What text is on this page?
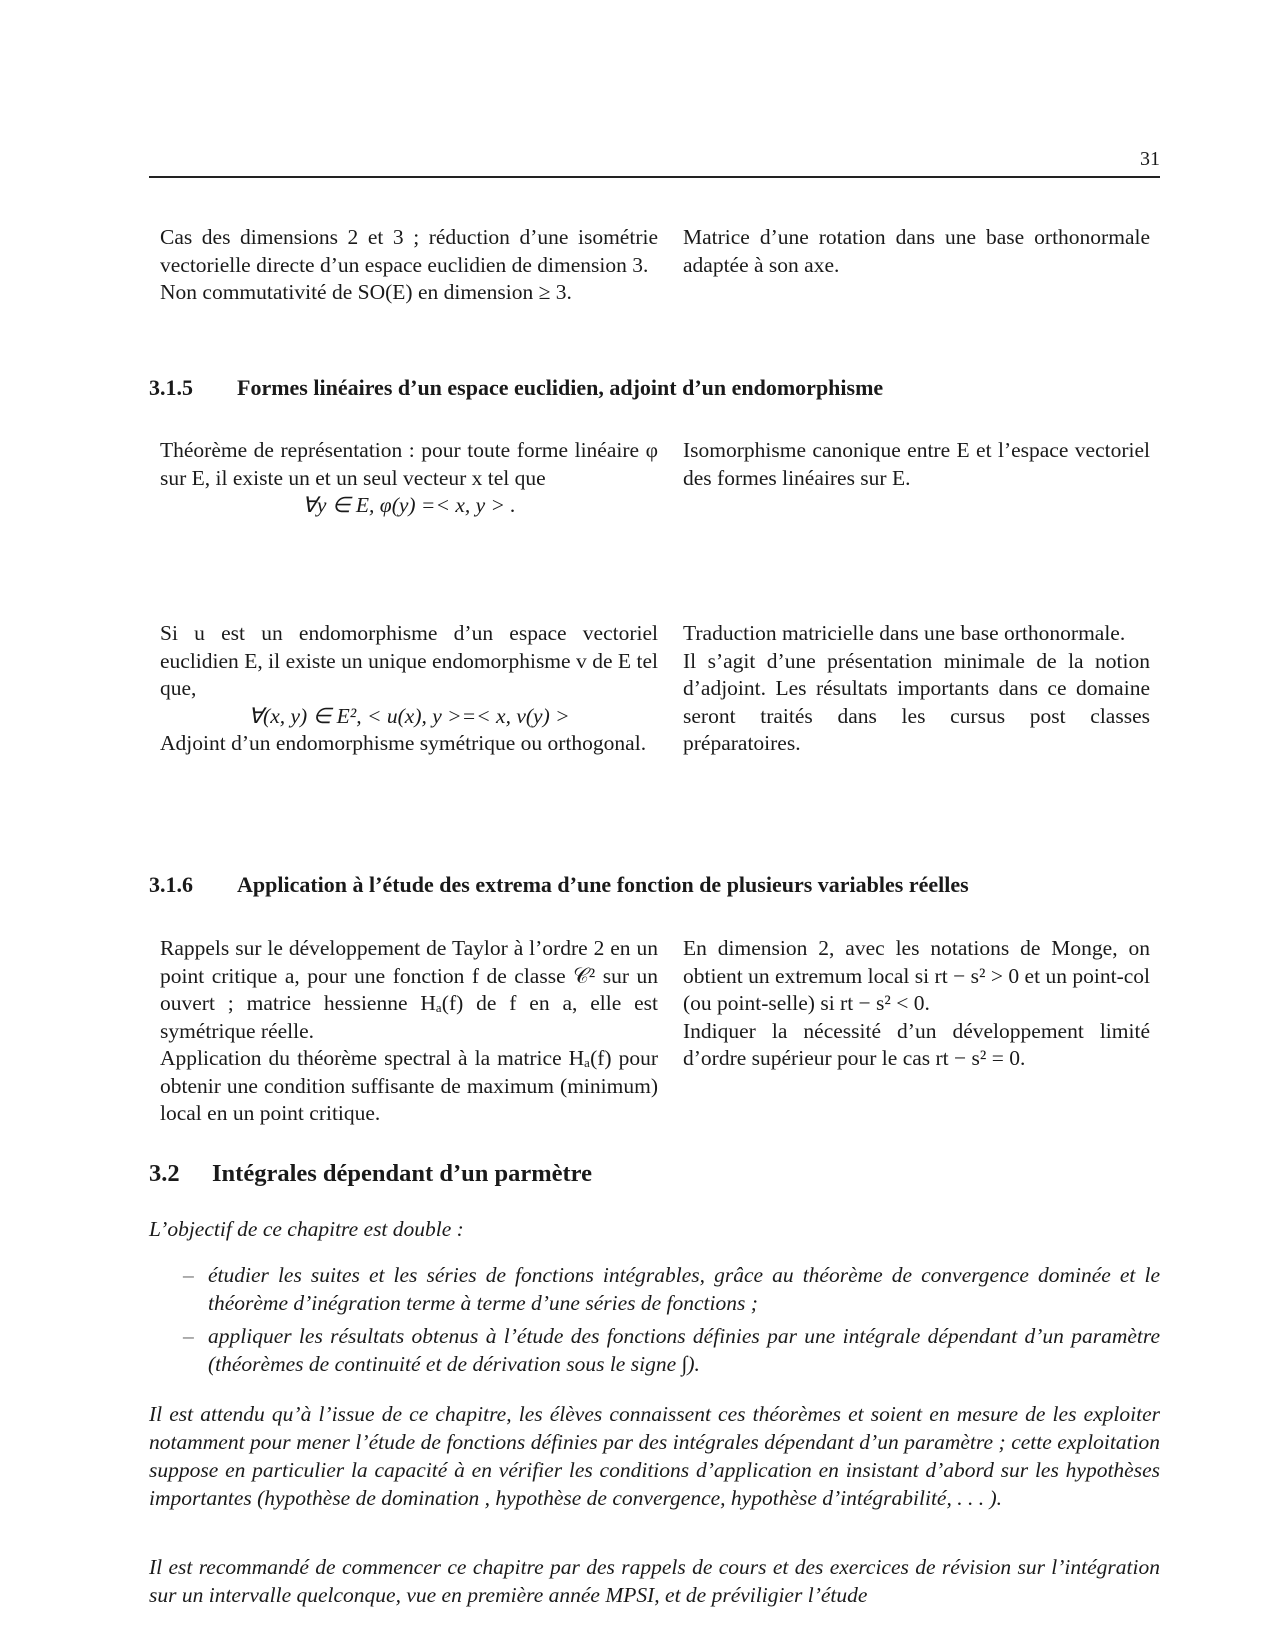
31

Cas des dimensions 2 et 3 ; réduction d’une isométrie vectorielle directe d’un espace euclidien de dimension 3.

Non commutativité de SO(E) en dimension ≥ 3.

Matrice d’une rotation dans une base orthonormale adaptée à son axe.

3.1.5 Formes linéaires d’un espace euclidien, adjoint d’un endomorphisme

Théorème de représentation : pour toute forme linéaire φ sur E, il existe un et un seul vecteur x tel que

∀y ∈ E, φ(y) =< x, y > .

Isomorphisme canonique entre E et l’espace vectoriel des formes linéaires sur E.

Si u est un endomorphisme d’un espace vectoriel euclidien E, il existe un unique endomorphisme v de E tel que,

∀(x, y) ∈ E², < u(x), y >=< x, v(y) >

Adjoint d’un endomorphisme symétrique ou orthogonal.

Traduction matricielle dans une base orthonormale.

Il s’agit d’une présentation minimale de la notion d’adjoint. Les résultats importants dans ce domaine seront traités dans les cursus post classes préparatoires.

3.1.6 Application à l’étude des extrema d’une fonction de plusieurs variables réelles

Rappels sur le développement de Taylor à l’ordre 2 en un point critique a, pour une fonction f de classe 𝒞² sur un ouvert ; matrice hessienne Hₐ(f) de f en a, elle est symétrique réelle.

Application du théorème spectral à la matrice Hₐ(f) pour obtenir une condition suffisante de maximum (minimum) local en un point critique.

En dimension 2, avec les notations de Monge, on obtient un extremum local si rt − s² > 0 et un point-col (ou point-selle) si rt − s² < 0.

Indiquer la nécessité d’un développement limité d’ordre supérieur pour le cas rt − s² = 0.

3.2 Intégrales dépendant d’un parmètre

L’objectif de ce chapitre est double :

– étudier les suites et les séries de fonctions intégrables, grâce au théorème de convergence dominée et le théorème d’inégration terme à terme d’une séries de fonctions ;
– appliquer les résultats obtenus à l’étude des fonctions définies par une intégrale dépendant d’un paramètre (théorèmes de continuité et de dérivation sous le signe ∫).

Il est attendu qu’à l’issue de ce chapitre, les élèves connaissent ces théorèmes et soient en mesure de les exploiter notamment pour mener l’étude de fonctions définies par des intégrales dépendant d’un paramètre ; cette exploitation suppose en particulier la capacité à en vérifier les conditions d’application en insistant d’abord sur les hypothèses importantes (hypothèse de domination , hypothèse de convergence, hypothèse d’intégrabilité, . . . ).

Il est recommandé de commencer ce chapitre par des rappels de cours et des exercices de révision sur l’intégration sur un intervalle quelconque, vue en première année MPSI, et de préviligier l’étude
